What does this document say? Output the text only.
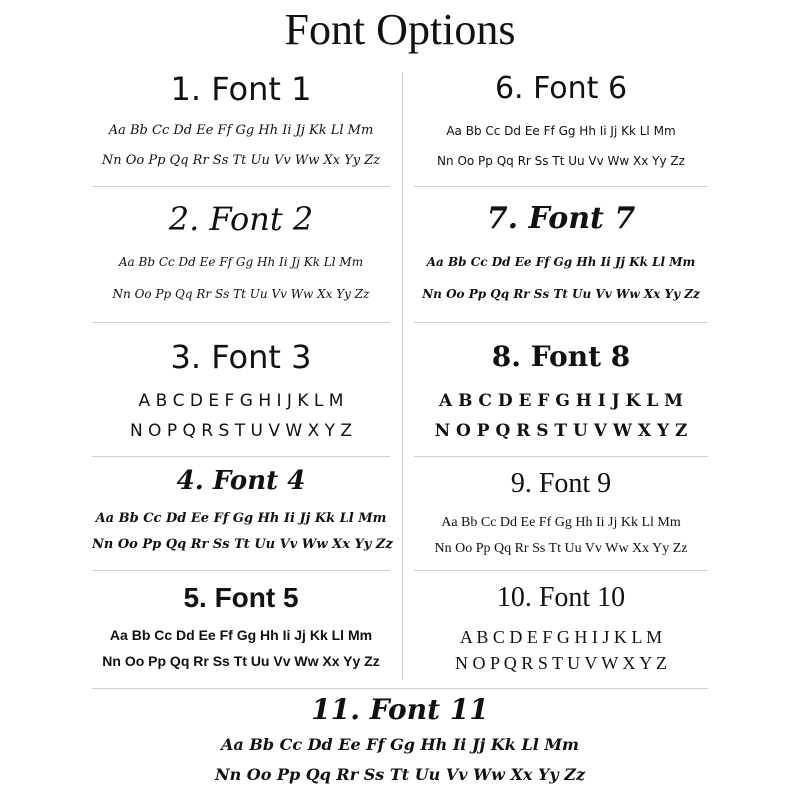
Font Options
1. Font 1
Aa Bb Cc Dd Ee Ff Gg Hh Ii Jj Kk Ll Mm
Nn Oo Pp Qq Rr Ss Tt Uu Vv Ww Xx Yy Zz
2. Font 2
Aa Bb Cc Dd Ee Ff Gg Hh Ii Jj Kk Ll Mm
Nn Oo Pp Qq Rr Ss Tt Uu Vv Ww Xx Yy Zz
3. Font 3
A B C D E F G H I J K L M
N O P Q R S T U V W X Y Z
4. Font 4
Aa Bb Cc Dd Ee Ff Gg Hh Ii Jj Kk Ll Mm
Nn Oo Pp Qq Rr Ss Tt Uu Vv Ww Xx Yy Zz
5. Font 5
Aa Bb Cc Dd Ee Ff Gg Hh Ii Jj Kk Ll Mm
Nn Oo Pp Qq Rr Ss Tt Uu Vv Ww Xx Yy Zz
6. Font 6
Aa Bb Cc Dd Ee Ff Gg Hh Ii Jj Kk Ll Mm
Nn Oo Pp Qq Rr Ss Tt Uu Vv Ww Xx Yy Zz
7. Font 7
Aa Bb Cc Dd Ee Ff Gg Hh Ii Jj Kk Ll Mm
Nn Oo Pp Qq Rr Ss Tt Uu Vv Ww Xx Yy Zz
8. Font 8
A B C D E F G H I J K L M
N O P Q R S T U V W X Y Z
9. Font 9
Aa Bb Cc Dd Ee Ff Gg Hh Ii Jj Kk Ll Mm
Nn Oo Pp Qq Rr Ss Tt Uu Vv Ww Xx Yy Zz
10. Font 10
A B C D E F G H I J K L M
N O P Q R S T U V W X Y Z
11. Font 11
Aa Bb Cc Dd Ee Ff Gg Hh Ii Jj Kk Ll Mm
Nn Oo Pp Qq Rr Ss Tt Uu Vv Ww Xx Yy Zz
